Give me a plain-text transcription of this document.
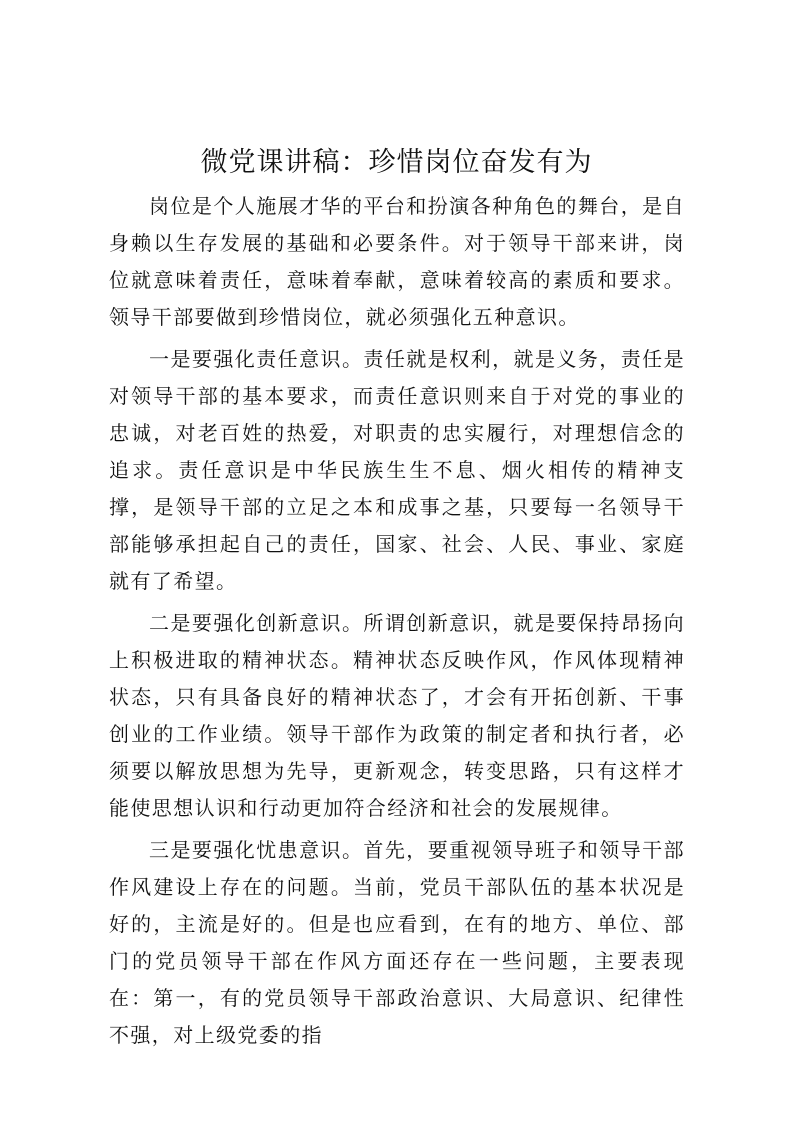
微党课讲稿：珍惜岗位奋发有为

岗位是个人施展才华的平台和扮演各种角色的舞台，是自身赖以生存发展的基础和必要条件。对于领导干部来讲，岗位就意味着责任，意味着奉献，意味着较高的素质和要求。领导干部要做到珍惜岗位，就必须强化五种意识。

一是要强化责任意识。责任就是权利，就是义务，责任是对领导干部的基本要求，而责任意识则来自于对党的事业的忠诚，对老百姓的热爱，对职责的忠实履行，对理想信念的追求。责任意识是中华民族生生不息、烟火相传的精神支撑，是领导干部的立足之本和成事之基，只要每一名领导干部能够承担起自己的责任，国家、社会、人民、事业、家庭就有了希望。

二是要强化创新意识。所谓创新意识，就是要保持昂扬向上积极进取的精神状态。精神状态反映作风，作风体现精神状态，只有具备良好的精神状态了，才会有开拓创新、干事创业的工作业绩。领导干部作为政策的制定者和执行者，必须要以解放思想为先导，更新观念，转变思路，只有这样才能使思想认识和行动更加符合经济和社会的发展规律。

三是要强化忧患意识。首先，要重视领导班子和领导干部作风建设上存在的问题。当前，党员干部队伍的基本状况是好的，主流是好的。但是也应看到，在有的地方、单位、部门的党员领导干部在作风方面还存在一些问题，主要表现在：第一，有的党员领导干部政治意识、大局意识、纪律性不强，对上级党委的指
